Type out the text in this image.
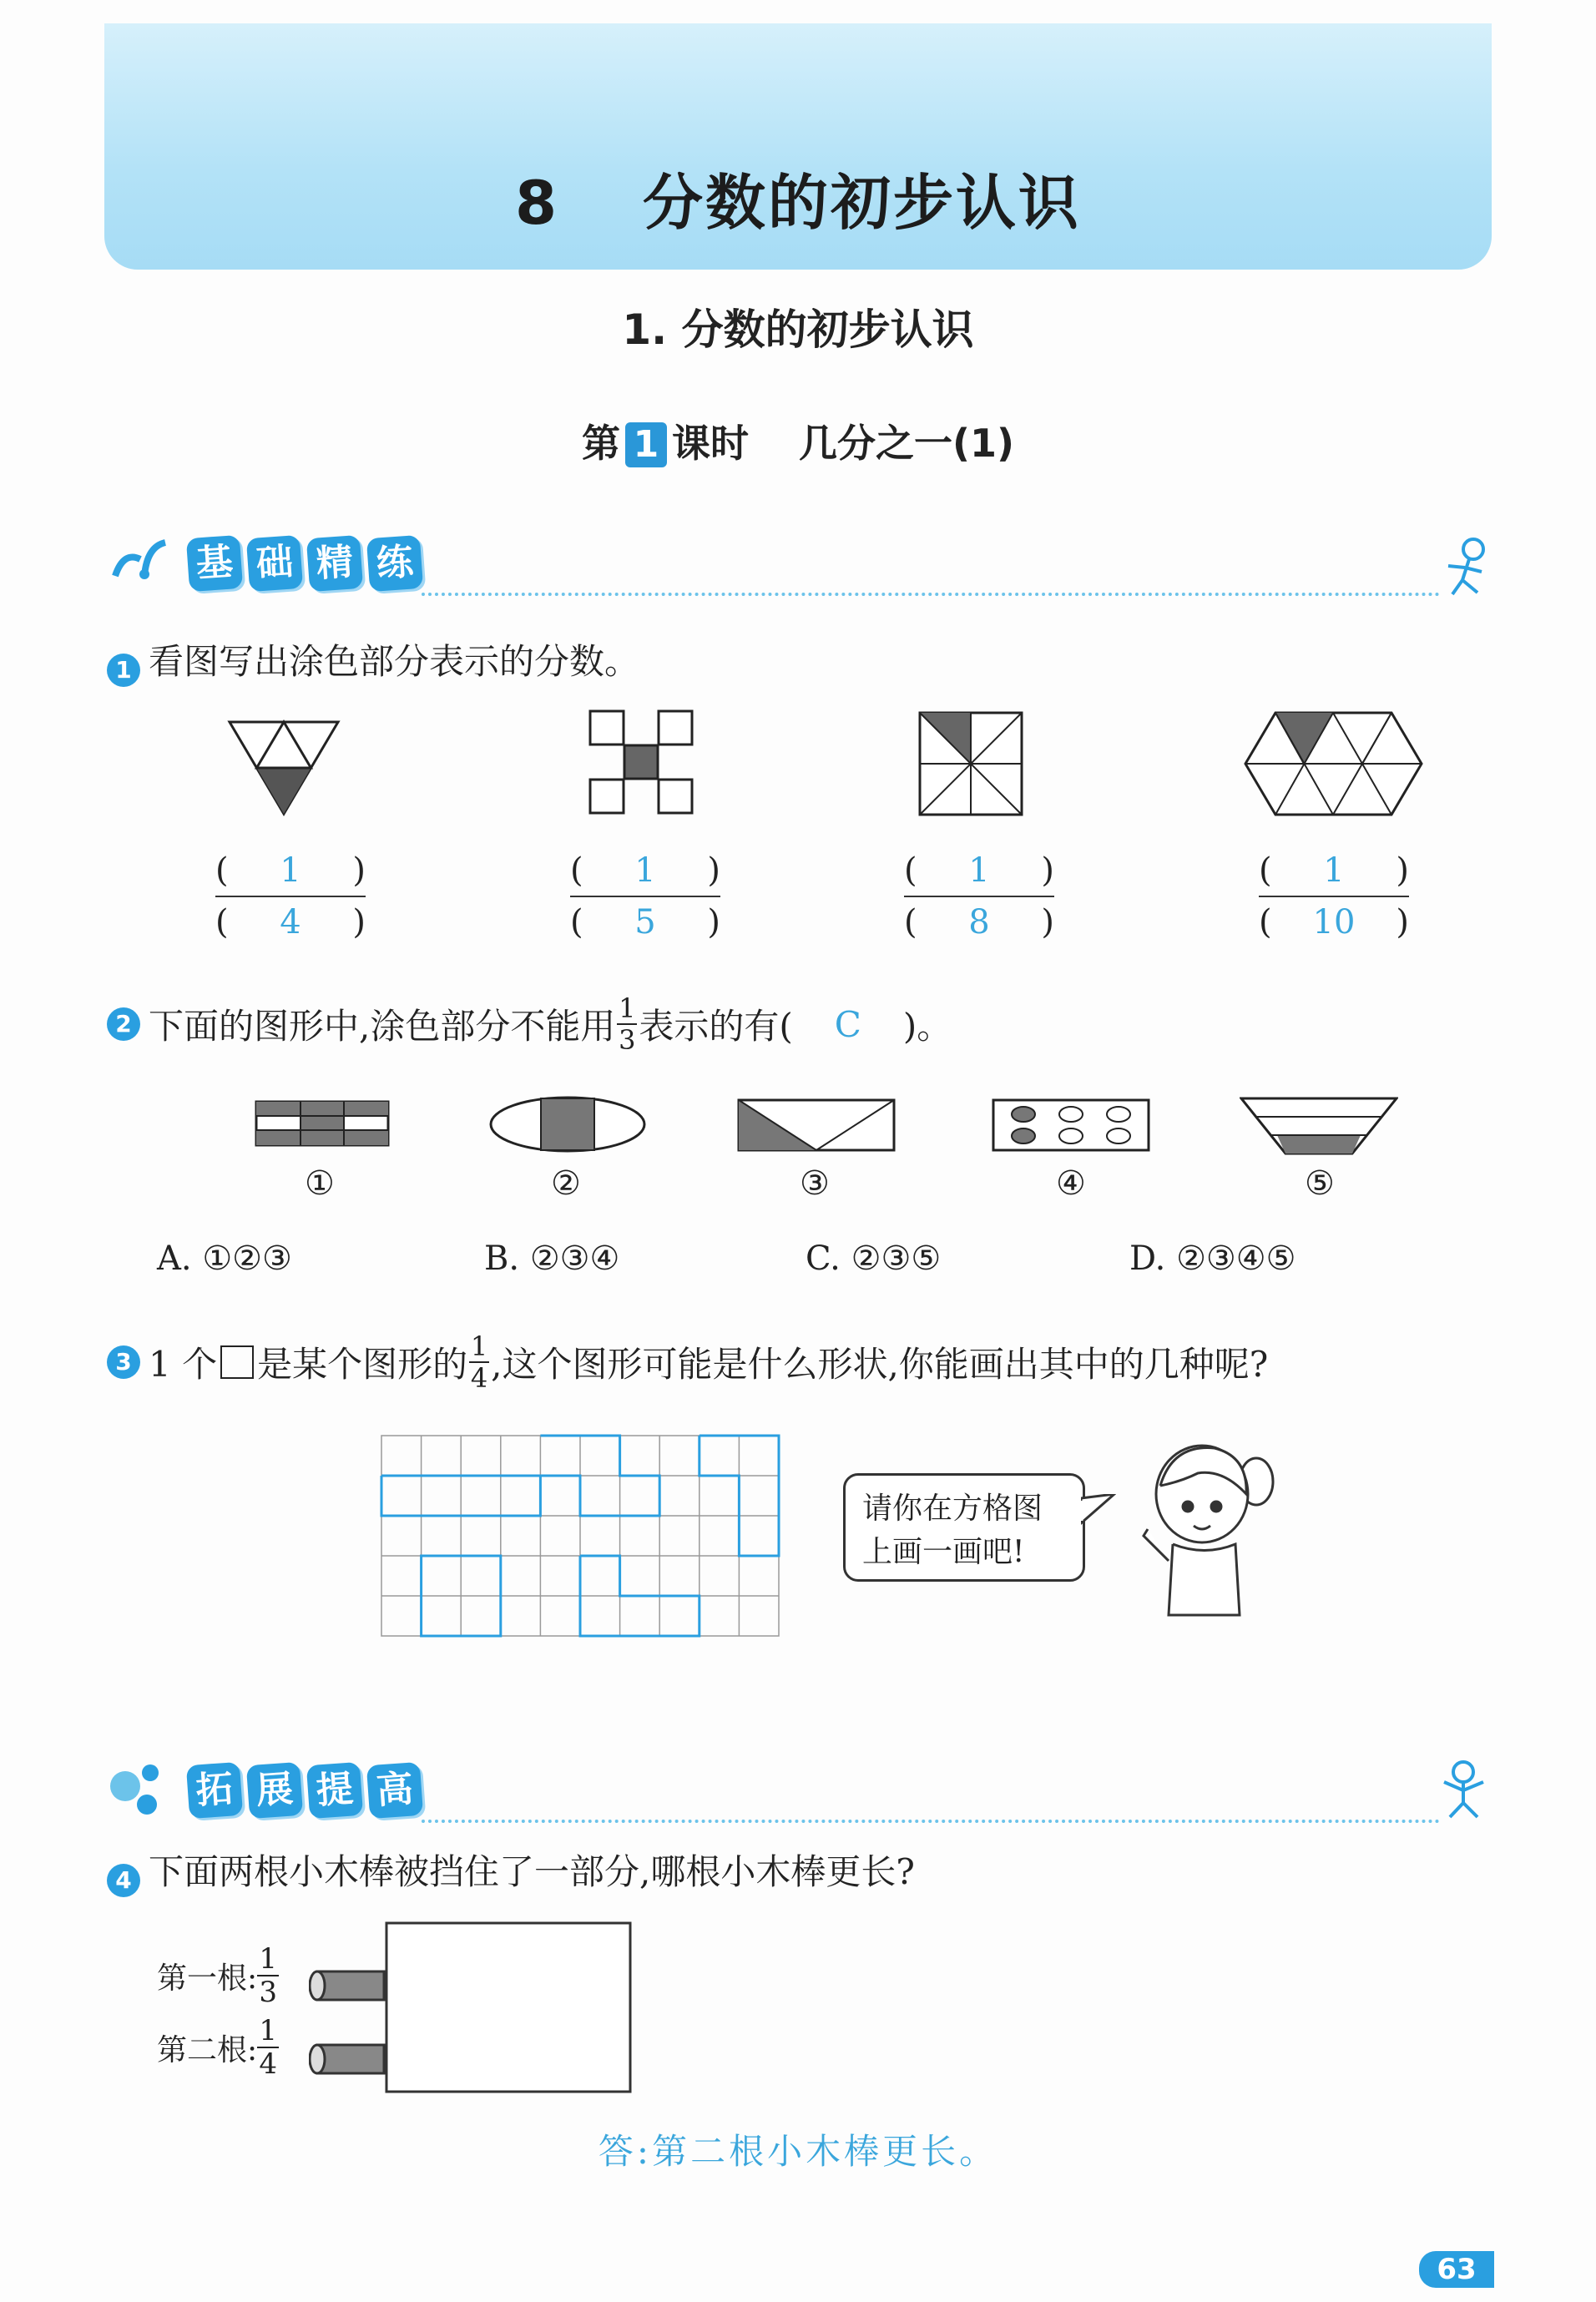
8 分数的初步认识
1. 分数的初步认识
第 1 课时 几分之一(1)
基 础 精 练
1 看图写出涂色部分表示的分数。
( 1 )
( 4 )
( 1 )
( 5 )
( 1 )
( 8 )
( 1 )
( 10 )
2 下面的图形中,涂色部分不能用 1
3 表示的有( C )。
①	②	③	④	⑤
A. ①②③	B. ②③④	C. ②③⑤	D. ②③④⑤
3 1 个 是某个图形的 1
4 ,这个图形可能是什么形状,你能画出其中的几种呢?
请你在方格图
上画一画吧!
拓 展 提 高
4 下面两根小木棒被挡住了一部分,哪根小木棒更长?
第一根:
1
3
第二根:
1
4
答:第二根小木棒更长。
63
